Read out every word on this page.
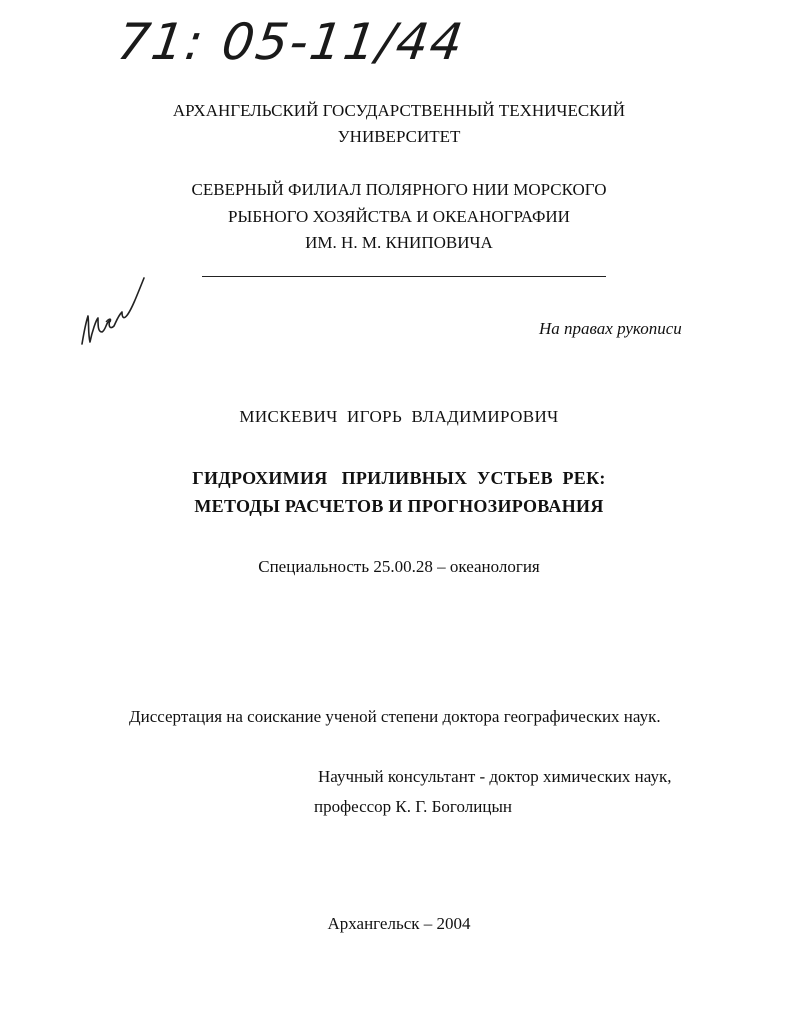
71: 05-11/44
АРХАНГЕЛЬСКИЙ ГОСУДАРСТВЕННЫЙ ТЕХНИЧЕСКИЙ
УНИВЕРСИТЕТ
СЕВЕРНЫЙ ФИЛИАЛ ПОЛЯРНОГО НИИ МОРСКОГО
РЫБНОГО ХОЗЯЙСТВА И ОКЕАНОГРАФИИ
ИМ. Н. М. КНИПОВИЧА
На правах рукописи
МИСКЕВИЧ  ИГОРЬ  ВЛАДИМИРОВИЧ
ГИДРОХИМИЯ ПРИЛИВНЫХ  УСТЬЕВ  РЕК:
МЕТОДЫ РАСЧЕТОВ И ПРОГНОЗИРОВАНИЯ
Специальность 25.00.28 – океанология
Диссертация на соискание ученой степени доктора географических наук.
Научный консультант - доктор химических наук,
профессор К. Г. Боголицын
Архангельск – 2004
